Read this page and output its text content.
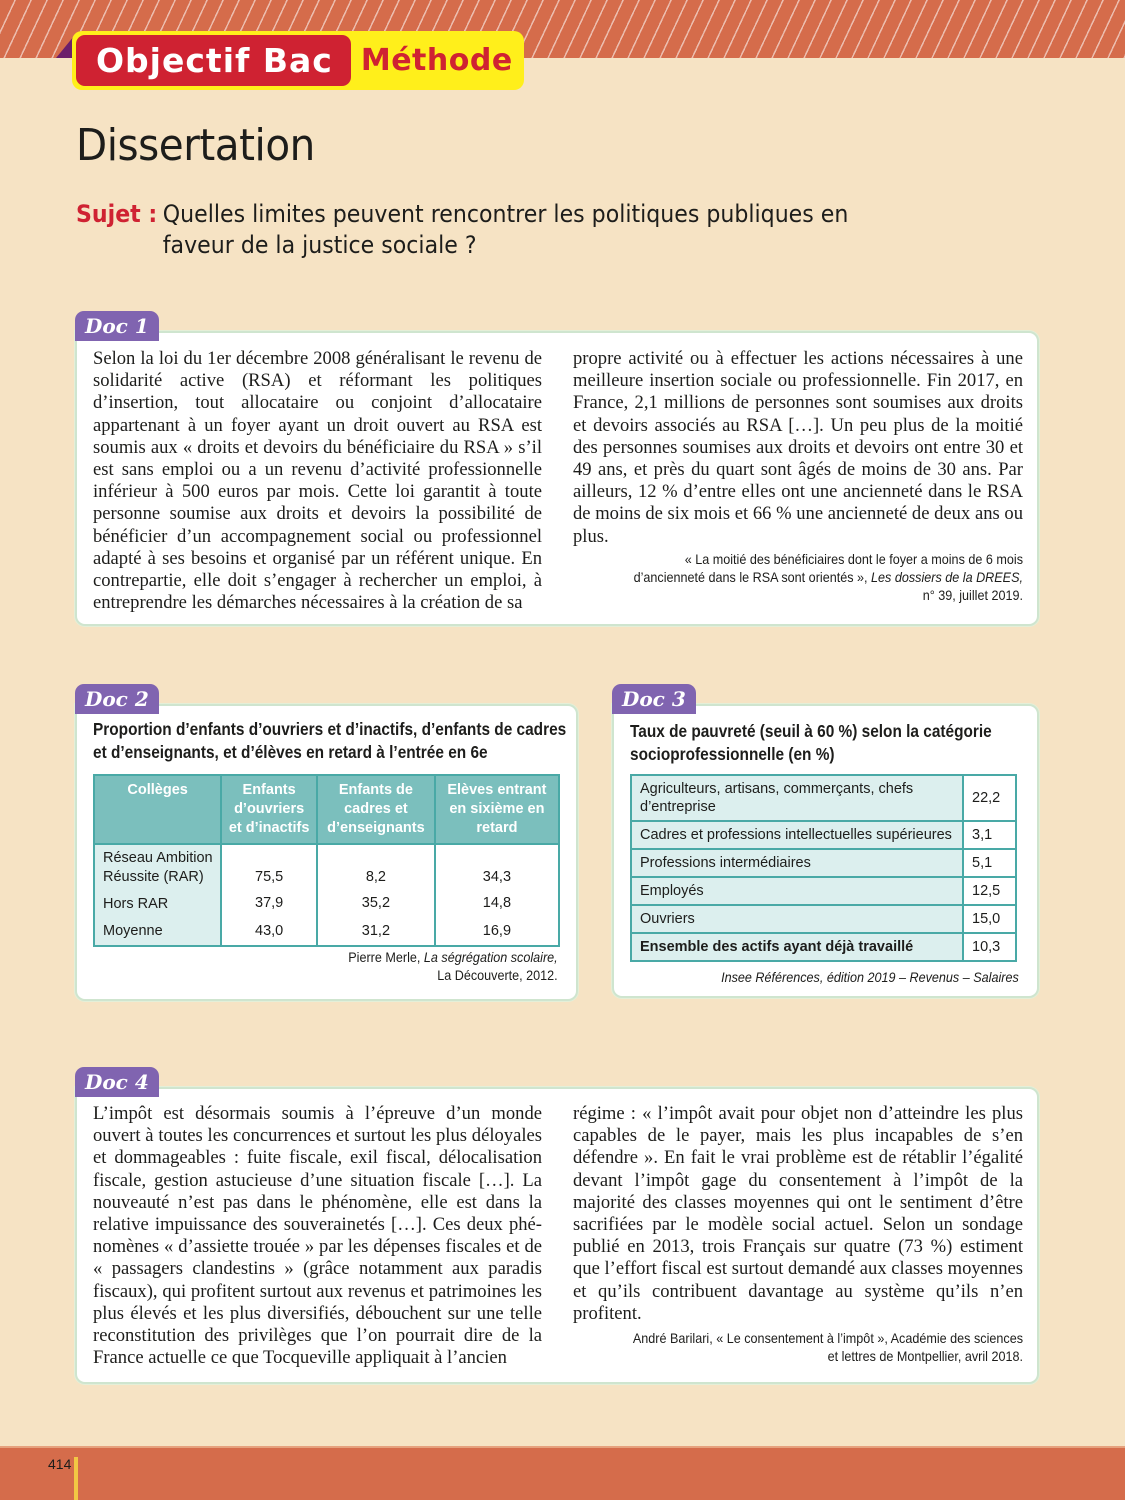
Objectif Bac Méthode
Dissertation
Sujet : Quelles limites peuvent rencontrer les politiques publiques en faveur de la justice sociale ?
Doc 1
Selon la loi du 1er décembre 2008 généralisant le revenu de solidarité active (RSA) et réformant les politiques d’insertion, tout allocataire ou conjoint d’allocataire appartenant à un foyer ayant un droit ouvert au RSA est soumis aux « droits et devoirs du bénéficiaire du RSA » s’il est sans emploi ou a un revenu d’activité professionnelle inférieur à 500 euros par mois. Cette loi garantit à toute personne soumise aux droits et devoirs la possibilité de bénéficier d’un accompagnement social ou professionnel adapté à ses besoins et organisé par un référent unique. En contrepartie, elle doit s’engager à rechercher un emploi, à entreprendre les démarches nécessaires à la création de sa
propre activité ou à effectuer les actions nécessaires à une meilleure insertion sociale ou professionnelle. Fin 2017, en France, 2,1 millions de personnes sont soumises aux droits et devoirs associés au RSA […]. Un peu plus de la moitié des personnes soumises aux droits et devoirs ont entre 30 et 49 ans, et près du quart sont âgés de moins de 30 ans. Par ailleurs, 12 % d’entre elles ont une ancienneté dans le RSA de moins de six mois et 66 % une ancienneté de deux ans ou plus.
« La moitié des bénéficiaires dont le foyer a moins de 6 mois
d’ancienneté dans le RSA sont orientés », Les dossiers de la DREES,
n° 39, juillet 2019.
Doc 2
Proportion d’enfants d’ouvriers et d’inactifs, d’enfants de cadres
et d’enseignants, et d’élèves en retard à l’entrée en 6e
Collèges	Enfants d’ouvriers et d’inactifs	Enfants de cadres et d’enseignants	Elèves entrant en sixième en retard
Réseau Ambition Réussite (RAR)	75,5	8,2	34,3
Hors RAR	37,9	35,2	14,8
Moyenne	43,0	31,2	16,9
Pierre Merle, La ségrégation scolaire,
La Découverte, 2012.
Doc 3
Taux de pauvreté (seuil à 60 %) selon la catégorie
socioprofessionnelle (en %)
Agriculteurs, artisans, commerçants, chefs d’entreprise	22,2
Cadres et professions intellectuelles supérieures	3,1
Professions intermédiaires	5,1
Employés	12,5
Ouvriers	15,0
Ensemble des actifs ayant déjà travaillé	10,3
Insee Références, édition 2019 – Revenus – Salaires
Doc 4
L’impôt est désormais soumis à l’épreuve d’un monde ouvert à toutes les concurrences et surtout les plus déloyales et dommageables : fuite fiscale, exil fiscal, délocalisation fiscale, gestion astucieuse d’une situation fiscale […]. La nouveauté n’est pas dans le phénomène, elle est dans la relative impuissance des souverainetés […]. Ces deux phénomènes « d’assiette trouée » par les dépenses fiscales et de « passagers clandestins » (grâce notamment aux paradis fiscaux), qui profitent surtout aux revenus et patrimoines les plus élevés et les plus diversifiés, débouchent sur une telle reconstitution des privilèges que l’on pourrait dire de la France actuelle ce que Tocqueville appliquait à l’ancien
régime : « l’impôt avait pour objet non d’atteindre les plus capables de le payer, mais les plus incapables de s’en défendre ». En fait le vrai problème est de rétablir l’égalité devant l’impôt gage du consentement à l’impôt de la majorité des classes moyennes qui ont le sentiment d’être sacrifiées par le modèle social actuel. Selon un sondage publié en 2013, trois Français sur quatre (73 %) estiment que l’effort fiscal est surtout demandé aux classes moyennes et qu’ils contribuent davantage au système qu’ils n’en profitent.
André Barilari, « Le consentement à l’impôt », Académie des sciences
et lettres de Montpellier, avril 2018.
414
